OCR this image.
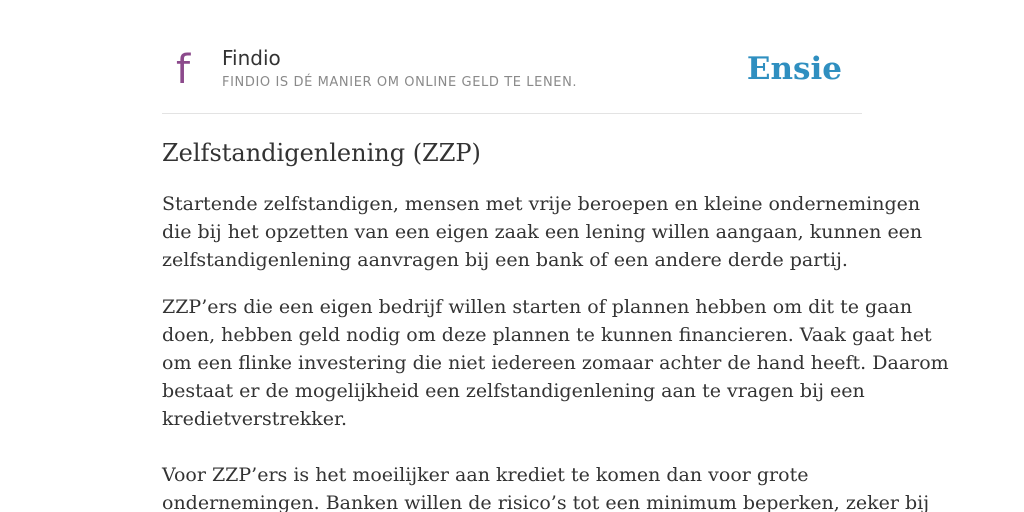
f	Findio
FINDIO IS DÉ MANIER OM ONLINE GELD TE LENEN.	Ensie
Zelfstandigenlening (ZZP)

Startende zelfstandigen, mensen met vrije beroepen en kleine ondernemingen
die bij het opzetten van een eigen zaak een lening willen aangaan, kunnen een
zelfstandigenlening aanvragen bij een bank of een andere derde partij.

ZZP’ers die een eigen bedrijf willen starten of plannen hebben om dit te gaan
doen, hebben geld nodig om deze plannen te kunnen financieren. Vaak gaat het
om een flinke investering die niet iedereen zomaar achter de hand heeft. Daarom
bestaat er de mogelijkheid een zelfstandigenlening aan te vragen bij een
kredietverstrekker.

Voor ZZP’ers is het moeilijker aan krediet te komen dan voor grote
ondernemingen. Banken willen de risico’s tot een minimum beperken, zeker bij
